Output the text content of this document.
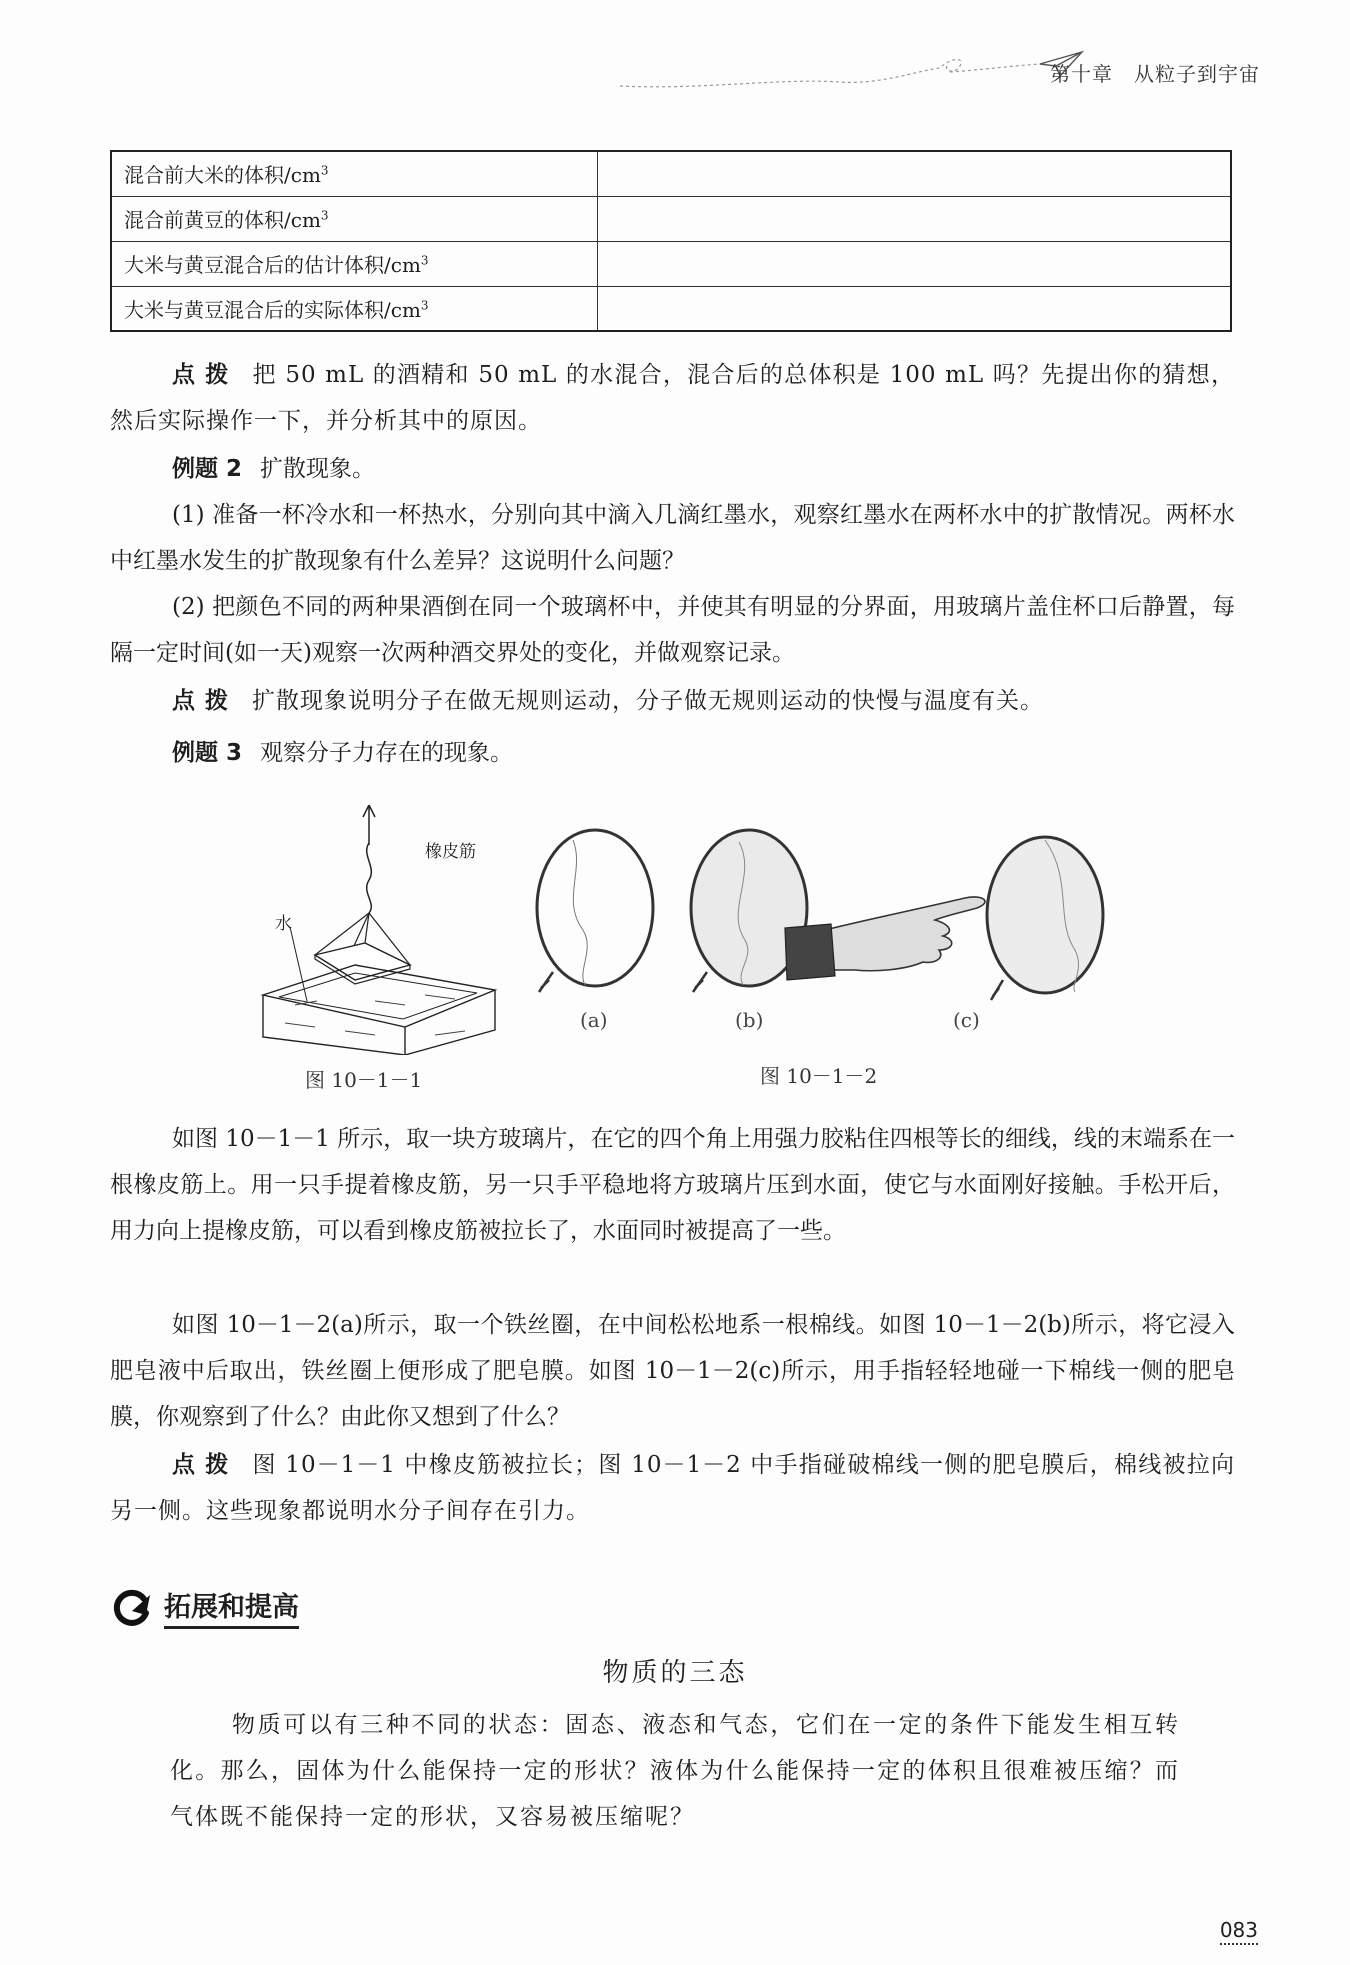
第十章　从粒子到宇宙
混合前大米的体积$/cm^3$	
混合前黄豆的体积$/cm^3$	
大米与黄豆混合后的估计体积$/cm^3$	
大米与黄豆混合后的实际体积$/cm^3$	
点拨 把 50 mL 的酒精和 50 mL 的水混合，混合后的总体积是 100 mL 吗？先提出你的猜想，然后实际操作一下，并分析其中的原因。
例题 2 扩散现象。
(1) 准备一杯冷水和一杯热水，分别向其中滴入几滴红墨水，观察红墨水在两杯水中的扩散情况。两杯水中红墨水发生的扩散现象有什么差异？这说明什么问题？
(2) 把颜色不同的两种果酒倒在同一个玻璃杯中，并使其有明显的分界面，用玻璃片盖住杯口后静置，每隔一定时间(如一天)观察一次两种酒交界处的变化，并做观察记录。
点拨 扩散现象说明分子在做无规则运动，分子做无规则运动的快慢与温度有关。
例题 3 观察分子力存在的现象。
橡皮筋
水
图 10－1－1
(a)	(b)	(c)
图 10－1－2
如图 10－1－1 所示，取一块方玻璃片，在它的四个角上用强力胶粘住四根等长的细线，线的末端系在一根橡皮筋上。用一只手提着橡皮筋，另一只手平稳地将方玻璃片压到水面，使它与水面刚好接触。手松开后，用力向上提橡皮筋，可以看到橡皮筋被拉长了，水面同时被提高了一些。
如图 10－1－2(a)所示，取一个铁丝圈，在中间松松地系一根棉线。如图 10－1－2(b)所示，将它浸入肥皂液中后取出，铁丝圈上便形成了肥皂膜。如图 10－1－2(c)所示，用手指轻轻地碰一下棉线一侧的肥皂膜，你观察到了什么？由此你又想到了什么？
点拨 图 10－1－1 中橡皮筋被拉长；图 10－1－2 中手指碰破棉线一侧的肥皂膜后，棉线被拉向另一侧。这些现象都说明水分子间存在引力。
拓展和提高
物质的三态
物质可以有三种不同的状态：固态、液态和气态，它们在一定的条件下能发生相互转化。那么，固体为什么能保持一定的形状？液体为什么能保持一定的体积且很难被压缩？而气体既不能保持一定的形状，又容易被压缩呢？
083
